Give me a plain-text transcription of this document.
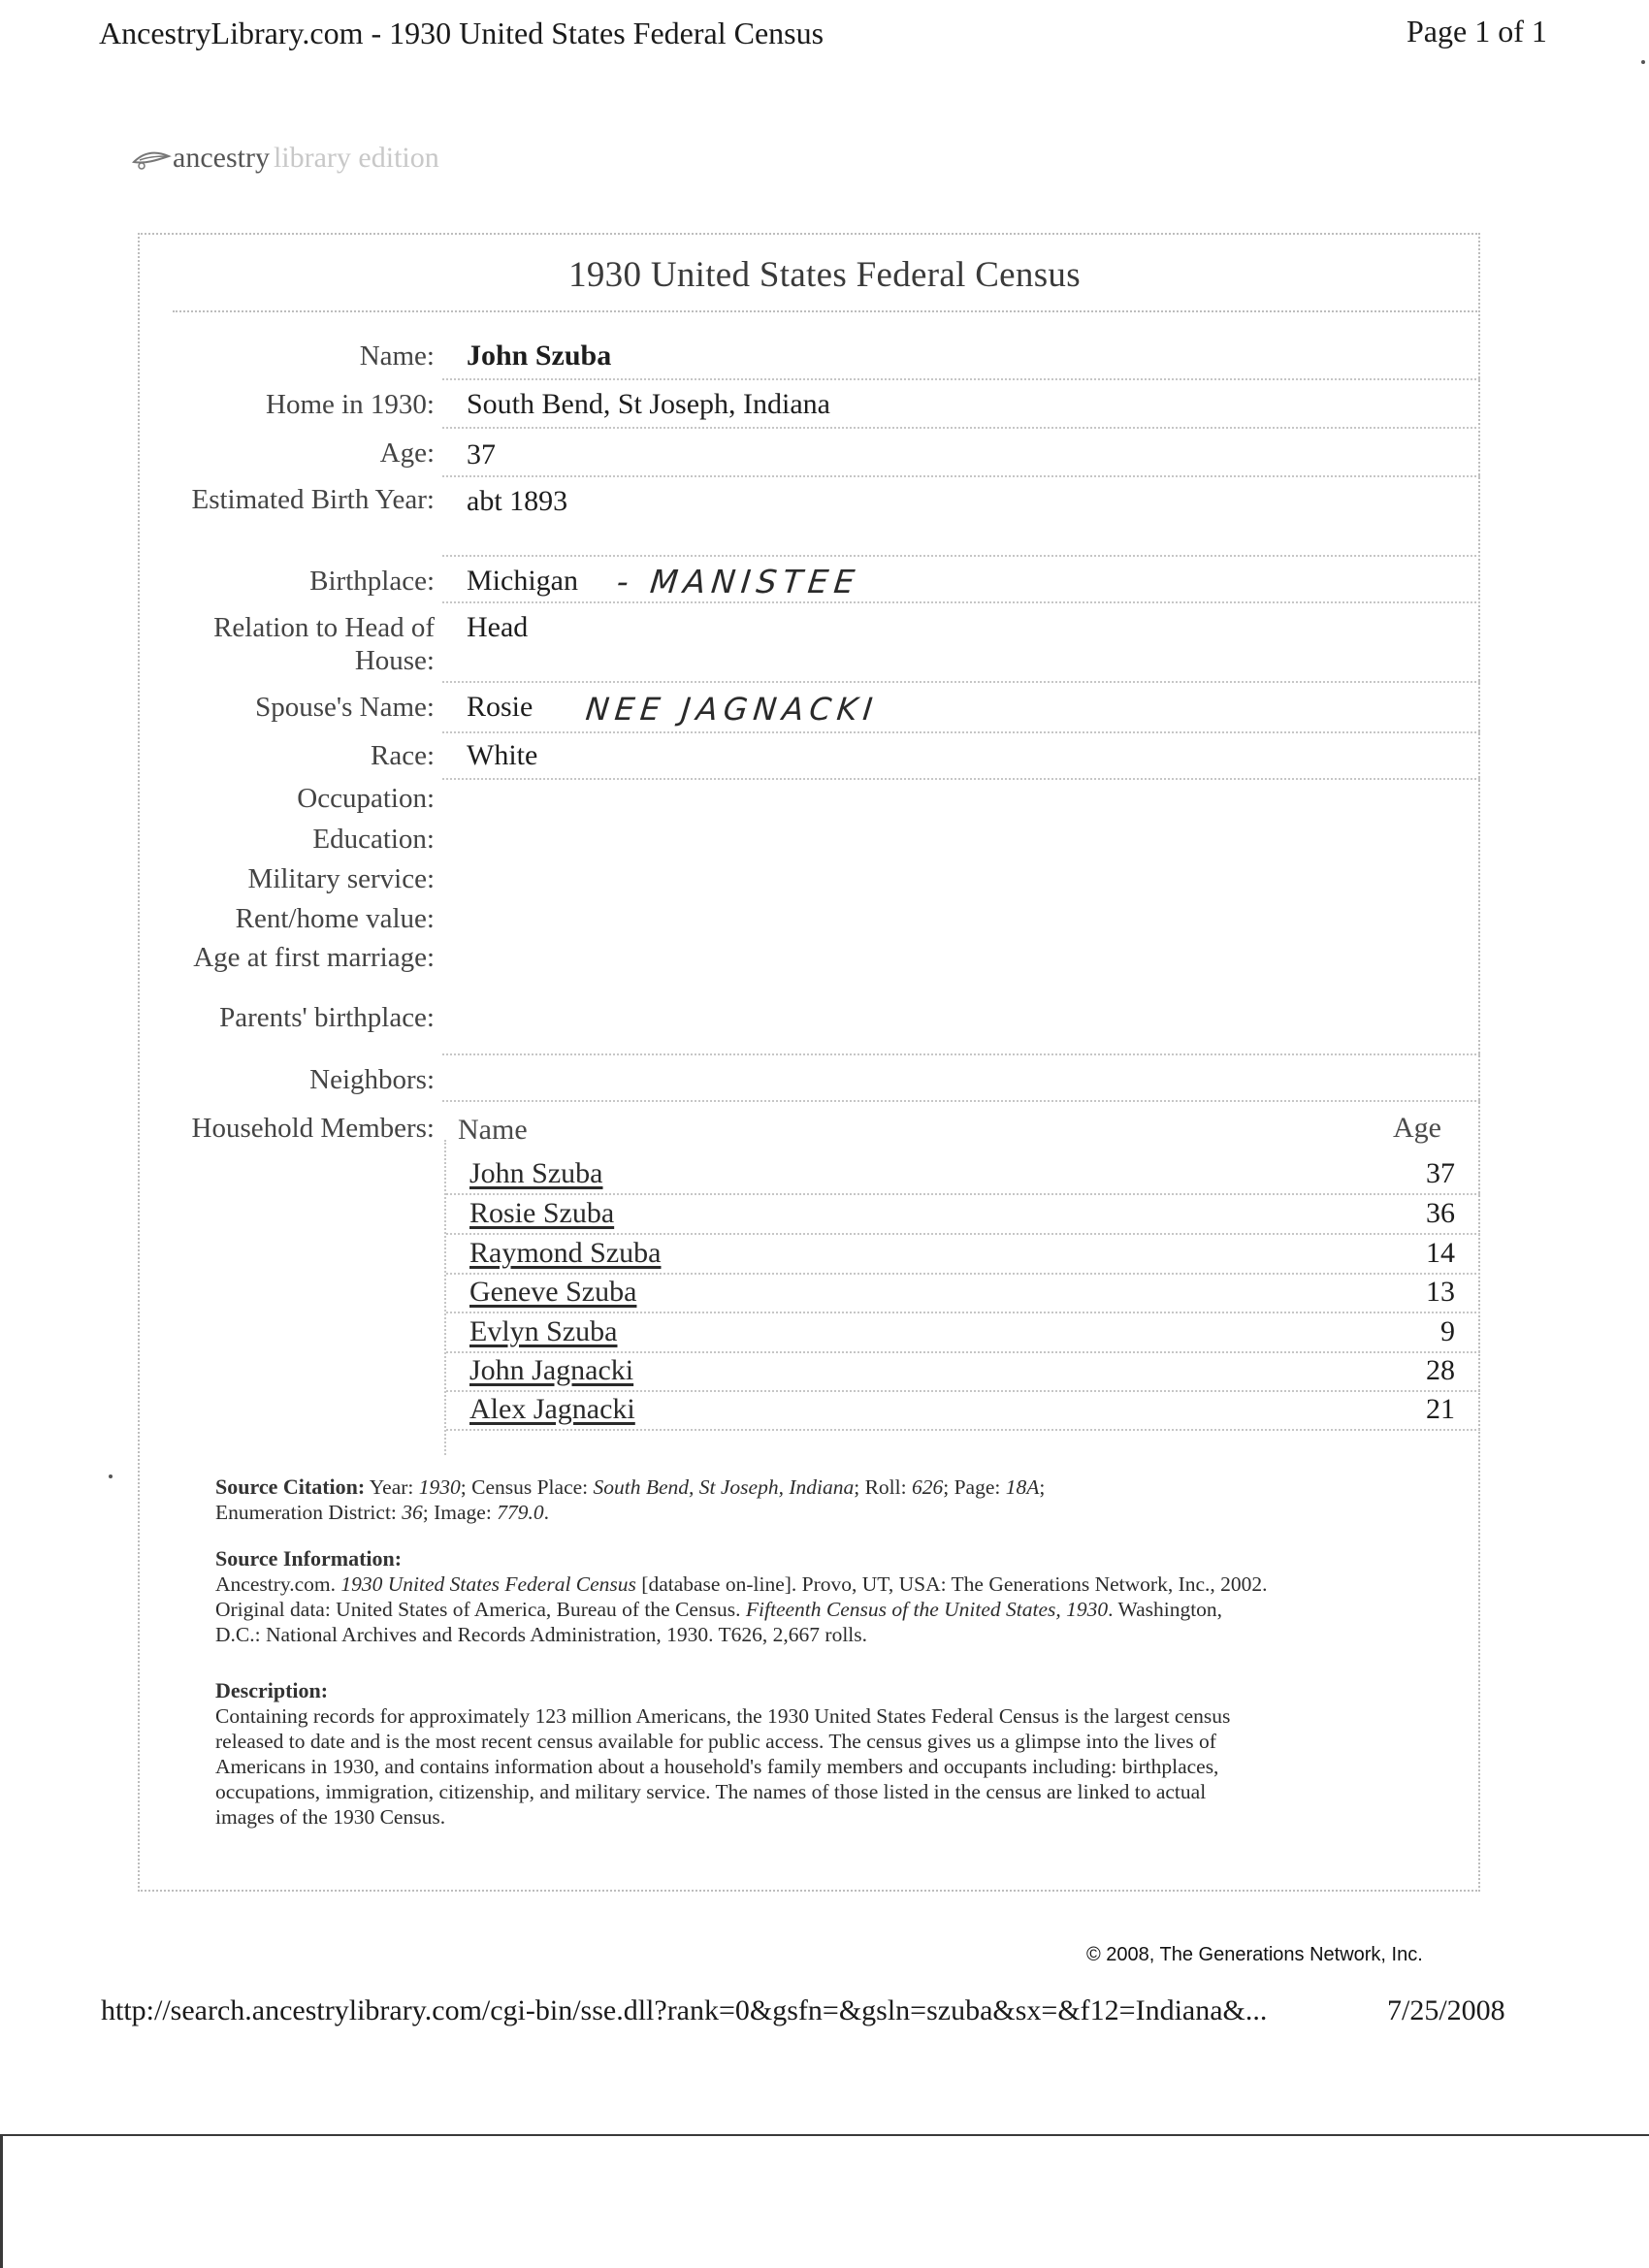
AncestryLibrary.com - 1930 United States Federal Census	Page 1 of 1
ancestry library edition
1930 United States Federal Census
Name: John Szuba
Home in 1930: South Bend, St Joseph, Indiana
Age: 37
Estimated Birth Year: abt 1893
Birthplace: Michigan - MANISTEE
Relation to Head of House:
Head
Spouse's Name: Rosie NEE JAGNACKI
Race: White
Occupation:
Education:
Military service:
Rent/home value:
Age at first marriage:
Parents' birthplace:
Neighbors:
Household Members: Name	Age
John Szuba	37
Rosie Szuba	36
Raymond Szuba	14
Geneve Szuba	13
Evlyn Szuba	9
John Jagnacki	28
Alex Jagnacki	21
Source Citation: Year: 1930; Census Place: South Bend, St Joseph, Indiana; Roll: 626; Page: 18A;
Enumeration District: 36; Image: 779.0.
Source Information:
Ancestry.com. 1930 United States Federal Census [database on-line]. Provo, UT, USA: The Generations Network, Inc., 2002.
Original data: United States of America, Bureau of the Census. Fifteenth Census of the United States, 1930. Washington,
D.C.: National Archives and Records Administration, 1930. T626, 2,667 rolls.
Description:
Containing records for approximately 123 million Americans, the 1930 United States Federal Census is the largest census
released to date and is the most recent census available for public access. The census gives us a glimpse into the lives of
Americans in 1930, and contains information about a household's family members and occupants including: birthplaces,
occupations, immigration, citizenship, and military service. The names of those listed in the census are linked to actual
images of the 1930 Census.
© 2008, The Generations Network, Inc.
http://search.ancestrylibrary.com/cgi-bin/sse.dll?rank=0&gsfn=&gsln=szuba&sx=&f12=Indiana&...	7/25/2008
